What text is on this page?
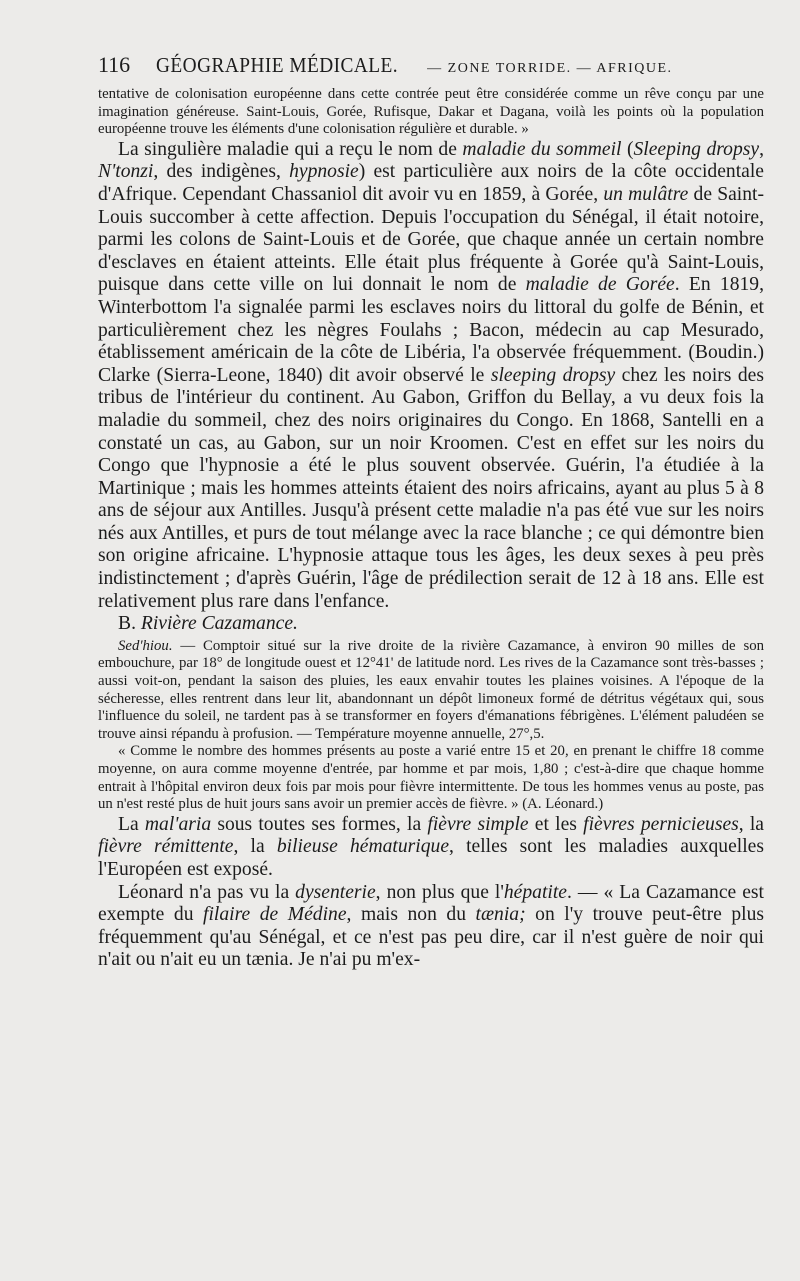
116	GÉOGRAPHIE MÉDICALE. — ZONE TORRIDE. — AFRIQUE.

tentative de colonisation européenne dans cette contrée peut être considérée comme un rêve conçu par une imagination généreuse. Saint-Louis, Gorée, Rufisque, Dakar et Dagana, voilà les points où la population européenne trouve les éléments d'une colonisation régulière et durable. »

La singulière maladie qui a reçu le nom de maladie du sommeil (Sleeping dropsy, N'tonzi, des indigènes, hypnosie) est particulière aux noirs de la côte occidentale d'Afrique. Cependant Chassaniol dit avoir vu en 1859, à Gorée, un mulâtre de Saint-Louis succomber à cette affection. Depuis l'occupation du Sénégal, il était notoire, parmi les colons de Saint-Louis et de Gorée, que chaque année un certain nombre d'esclaves en étaient atteints. Elle était plus fréquente à Gorée qu'à Saint-Louis, puisque dans cette ville on lui donnait le nom de maladie de Gorée. En 1819, Winterbottom l'a signalée parmi les esclaves noirs du littoral du golfe de Bénin, et particulièrement chez les nègres Foulahs ; Bacon, médecin au cap Mesurado, établissement américain de la côte de Libéria, l'a observée fréquemment. (Boudin.) Clarke (Sierra-Leone, 1840) dit avoir observé le sleeping dropsy chez les noirs des tribus de l'intérieur du continent. Au Gabon, Griffon du Bellay, a vu deux fois la maladie du sommeil, chez des noirs originaires du Congo. En 1868, Santelli en a constaté un cas, au Gabon, sur un noir Kroomen. C'est en effet sur les noirs du Congo que l'hypnosie a été le plus souvent observée. Guérin, l'a étudiée à la Martinique ; mais les hommes atteints étaient des noirs africains, ayant au plus 5 à 8 ans de séjour aux Antilles. Jusqu'à présent cette maladie n'a pas été vue sur les noirs nés aux Antilles, et purs de tout mélange avec la race blanche ; ce qui démontre bien son origine africaine. L'hypnosie attaque tous les âges, les deux sexes à peu près indistinctement ; d'après Guérin, l'âge de prédilection serait de 12 à 18 ans. Elle est relativement plus rare dans l'enfance.

B. Rivière Cazamance.

Sed'hiou. — Comptoir situé sur la rive droite de la rivière Cazamance, à environ 90 milles de son embouchure, par 18° de longitude ouest et 12°41' de latitude nord. Les rives de la Cazamance sont très-basses ; aussi voit-on, pendant la saison des pluies, les eaux envahir toutes les plaines voisines. A l'époque de la sécheresse, elles rentrent dans leur lit, abandonnant un dépôt limoneux formé de détritus végétaux qui, sous l'influence du soleil, ne tardent pas à se transformer en foyers d'émanations fébrigènes. L'élément paludéen se trouve ainsi répandu à profusion. — Température moyenne annuelle, 27°,5.

« Comme le nombre des hommes présents au poste a varié entre 15 et 20, en prenant le chiffre 18 comme moyenne, on aura comme moyenne d'entrée, par homme et par mois, 1,80 ; c'est-à-dire que chaque homme entrait à l'hôpital environ deux fois par mois pour fièvre intermittente. De tous les hommes venus au poste, pas un n'est resté plus de huit jours sans avoir un premier accès de fièvre. » (A. Léonard.)

La mal'aria sous toutes ses formes, la fièvre simple et les fièvres pernicieuses, la fièvre rémittente, la bilieuse hématurique, telles sont les maladies auxquelles l'Européen est exposé.

Léonard n'a pas vu la dysenterie, non plus que l'hépatite. — « La Cazamance est exempte du filaire de Médine, mais non du tænia; on l'y trouve peut-être plus fréquemment qu'au Sénégal, et ce n'est pas peu dire, car il n'est guère de noir qui n'ait ou n'ait eu un tænia. Je n'ai pu m'ex-
